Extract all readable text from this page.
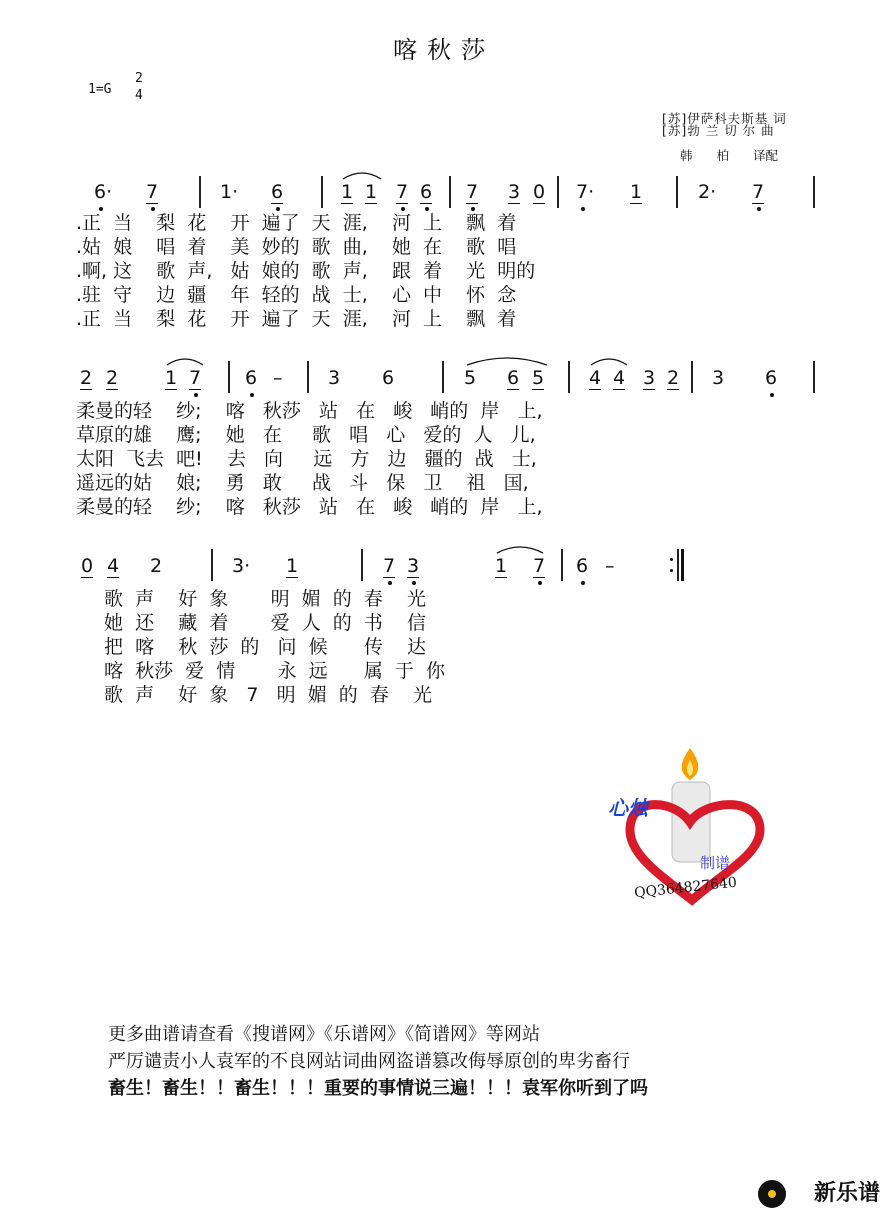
喀秋莎
1=G
2
4
[苏]伊萨科夫斯基 词
[苏]勃 兰 切 尔 曲
韩 柏 译配
6· 7	1· 6	1 1 7 6 7 3 0 7· 1	2· 7
.正  当    梨  花    开  遍了  天  涯,    河  上    飘  着
.姑  娘    唱  着    美  妙的  歌  曲,    她  在    歌  唱
.啊, 这    歌  声,   姑  娘的  歌  声,    跟  着    光  明的
.驻  守    边  疆    年  轻的  战  士,    心  中    怀  念
.正  当    梨  花    开  遍了  天  涯,    河  上    飘  着
2 2 1 7 6 – 3 6	5 6 5 4 4 3 2 3 6
柔曼的轻    纱;    喀   秋莎   站   在   峻   峭的  岸   上,
草原的雄    鹰;    她   在     歌   唱   心   爱的  人   儿,
太阳  飞去  吧!    去   向     远   方   边   疆的  战   士,
遥远的姑    娘;    勇   敢     战   斗   保   卫    祖   国,
柔曼的轻    纱;    喀   秋莎   站   在   峻   峭的  岸   上,
0 4 2	3· 1	7 3	1 7 6 –
歌  声    好  象       明  媚  的  春    光
她  还    藏  着       爱  人  的  书    信
把  喀    秋  莎  的   问  候      传    达
喀  秋莎  爱  情       永  远      属  于  你
歌  声    好  象   7   明  媚  的  春    光
心烛
制谱
QQ364827640
更多曲谱请查看《搜谱网》《乐谱网》《简谱网》等网站
严厉谴责小人袁军的不良网站词曲网盗谱篡改侮辱原创的卑劣畜行
畜生！畜生！！畜生！！！重要的事情说三遍！！！袁军你听到了吗
新乐谱
